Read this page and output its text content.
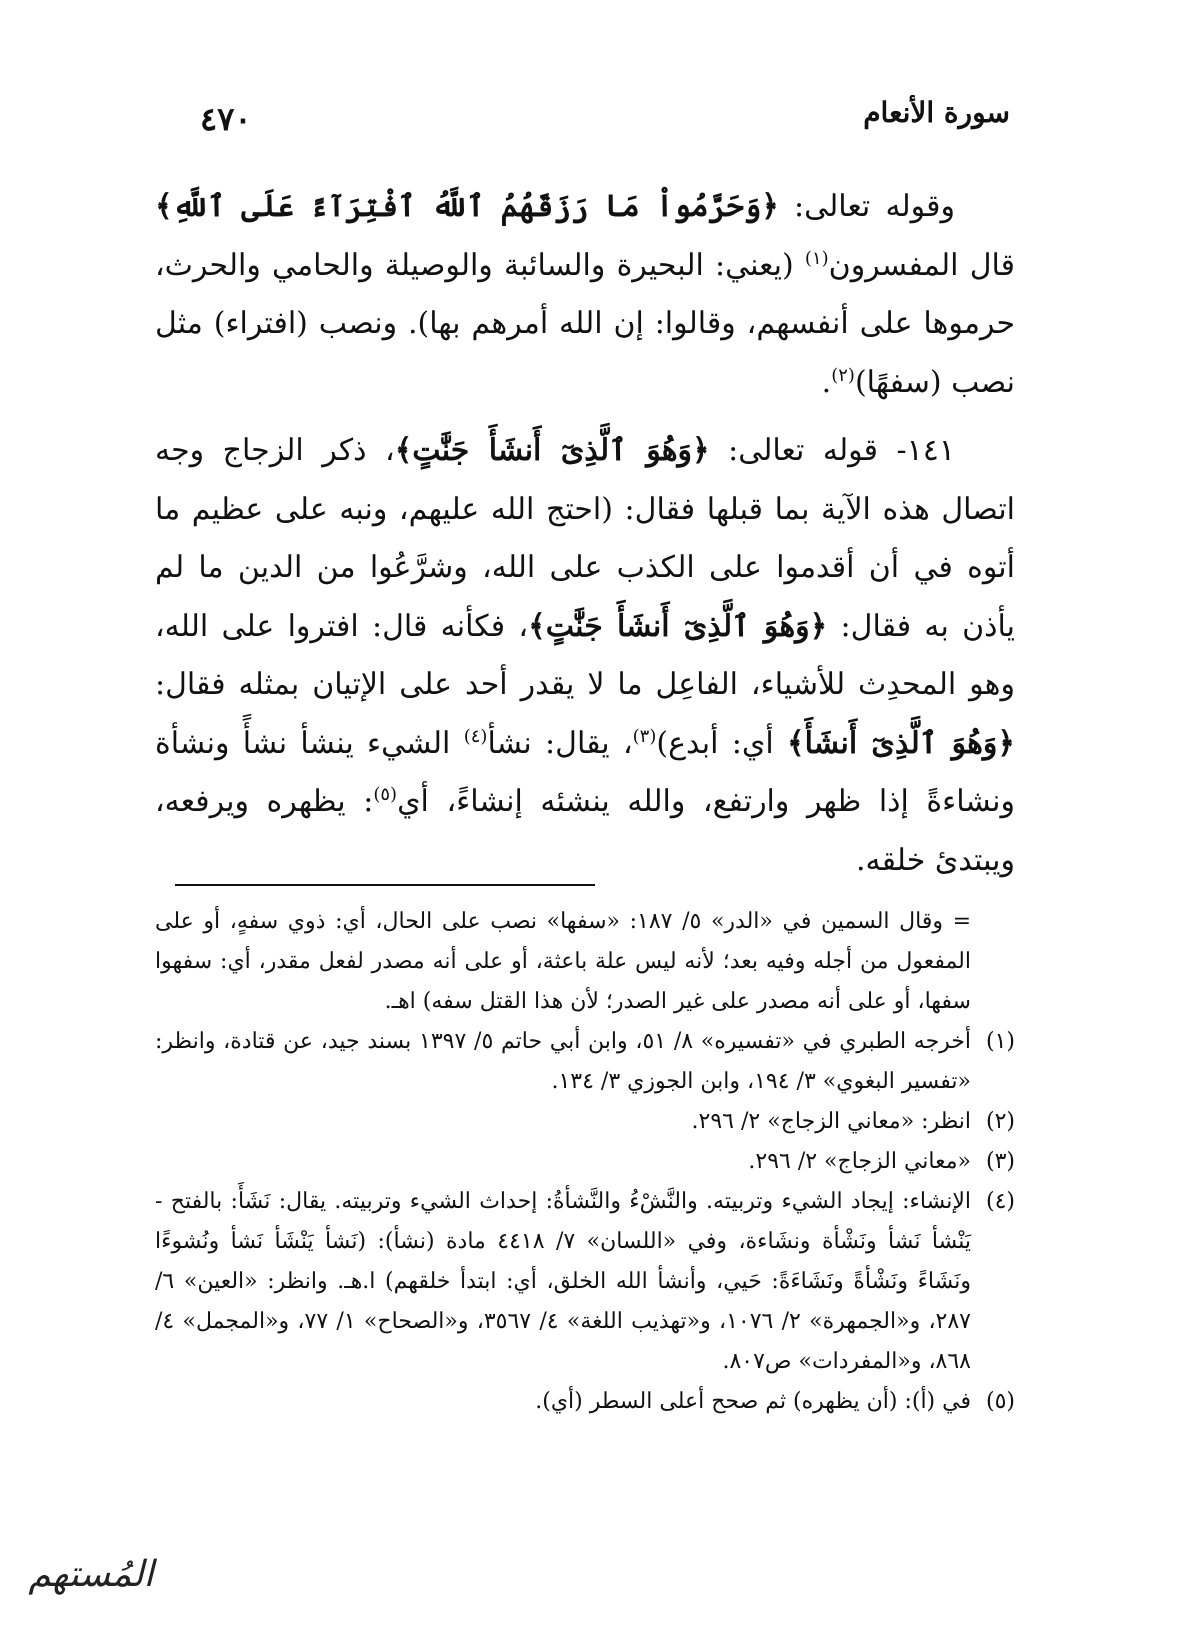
سورة الأنعام
٤٧٠

وقوله تعالى: ﴿وَحَرَّمُواْ مَا رَزَقَهُمُ ٱللَّهُ ٱفْتِرَآءً عَلَى ٱللَّهِ﴾ قال المفسرون$^{(١)}$ (يعني: البحيرة والسائبة والوصيلة والحامي والحرث، حرموها على أنفسهم، وقالوا: إن الله أمرهم بها). ونصب (افتراء) مثل نصب (سفهًا)$^{(٢)}$.

١٤١- قوله تعالى: ﴿وَهُوَ ٱلَّذِىٓ أَنشَأَ جَنَّٰتٍ﴾، ذكر الزجاج وجه اتصال هذه الآية بما قبلها فقال: (احتج الله عليهم، ونبه على عظيم ما أتوه في أن أقدموا على الكذب على الله، وشرَّعُوا من الدين ما لم يأذن به فقال: ﴿وَهُوَ ٱلَّذِىٓ أَنشَأَ جَنَّٰتٍ﴾، فكأنه قال: افتروا على الله، وهو المحدِث للأشياء، الفاعِل ما لا يقدر أحد على الإتيان بمثله فقال: ﴿وَهُوَ ٱلَّذِىٓ أَنشَأَ﴾ أي: أبدع)$^{(٣)}$، يقال: نشأ$^{(٤)}$ الشيء ينشأ نشأً ونشأة ونشاءةً إذا ظهر وارتفع، والله ينشئه إنشاءً، أي$^{(٥)}$: يظهره ويرفعه، ويبتدئ خلقه.

= وقال السمين في «الدر» ٥/ ١٨٧: «سفها» نصب على الحال، أي: ذوي سفهٍ، أو على المفعول من أجله وفيه بعد؛ لأنه ليس علة باعثة، أو على أنه مصدر لفعل مقدر، أي: سفهوا سفها، أو على أنه مصدر على غير الصدر؛ لأن هذا القتل سفه) اهـ.

(١)
أخرجه الطبري في «تفسيره» ٨/ ٥١، وابن أبي حاتم ٥/ ١٣٩٧ بسند جيد، عن قتادة، وانظر: «تفسير البغوي» ٣/ ١٩٤، وابن الجوزي ٣/ ١٣٤.

(٢)
انظر: «معاني الزجاج» ٢/ ٢٩٦.

(٣)
«معاني الزجاج» ٢/ ٢٩٦.

(٤)
الإنشاء: إيجاد الشيء وتربيته. والنَّشْءُ والنَّشأةُ: إحداث الشيء وتربيته. يقال: نَشَأَ: بالفتح - يَنْشأ نَشأ ونَشْأة ونشَاءة، وفي «اللسان» ٧/ ٤٤١٨ مادة (نشأ): (نَشأ يَنْشَأ نَشأ ونُشوءًا ونَشَاءً ونَشْأةً ونَشَاءَةً: حَيي، وأنشأ الله الخلق، أي: ابتدأ خلقهم) ا.هـ. وانظر: «العين» ٦/ ٢٨٧، و«الجمهرة» ٢/ ١٠٧٦، و«تهذيب اللغة» ٤/ ٣٥٦٧، و«الصحاح» ١/ ٧٧، و«المجمل» ٤/ ٨٦٨، و«المفردات» ص٨٠٧.

(٥)
في (أ): (أن يظهره) ثم صحح أعلى السطر (أي).

المُستهم
